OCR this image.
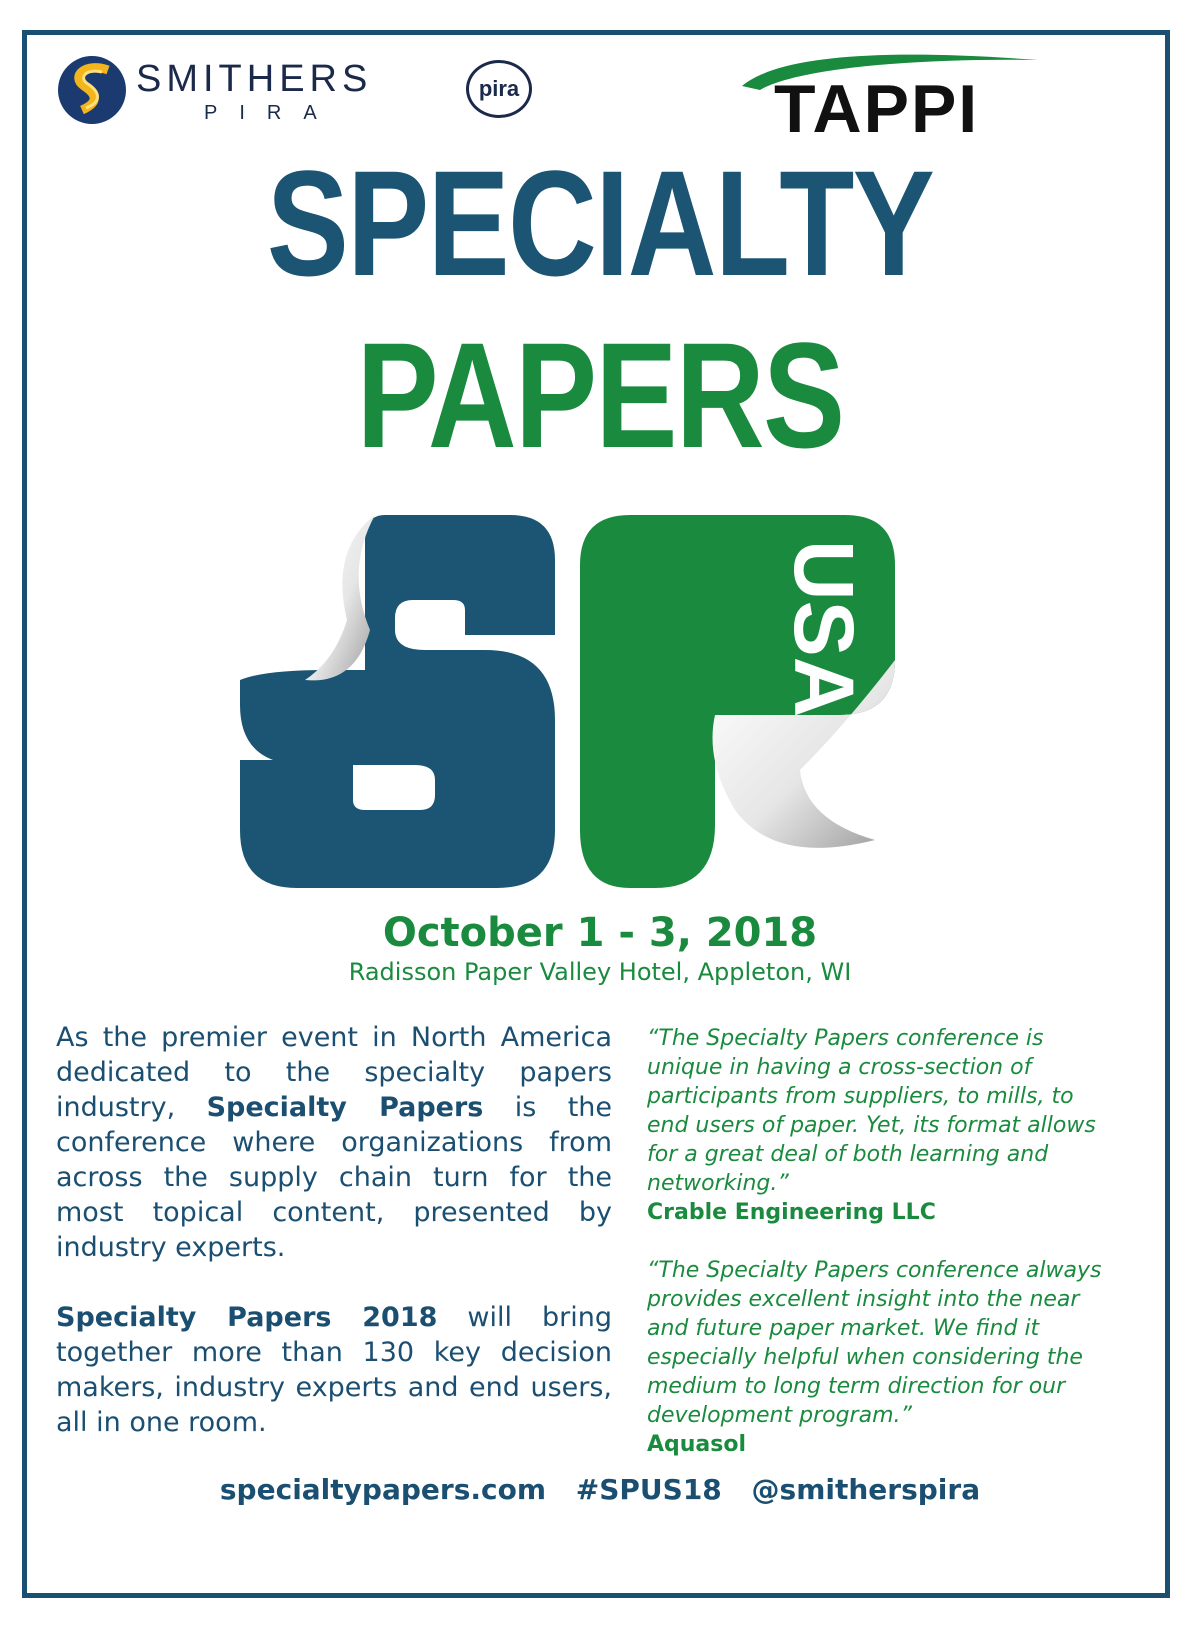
SMITHERS
PIRA
pira	TAPPI
SPECIALTY
PAPERS
USA
October 1 - 3, 2018
Radisson Paper Valley Hotel, Appleton, WI

As the premier event in North America dedicated to the specialty papers industry, Specialty Papers is the conference where organizations from across the supply chain turn for the most topical content, presented by industry experts.

Specialty Papers 2018 will bring together more than 130 key decision makers, industry experts and end users, all in one room.

“The Specialty Papers conference is unique in having a cross-section of participants from suppliers, to mills, to end users of paper. Yet, its format allows for a great deal of both learning and networking.”

Crable Engineering LLC

“The Specialty Papers conference always provides excellent insight into the near and future paper market. We find it especially helpful when considering the medium to long term direction for our development program.”

Aquasol

specialtypapers.com #SPUS18 @smitherspira
